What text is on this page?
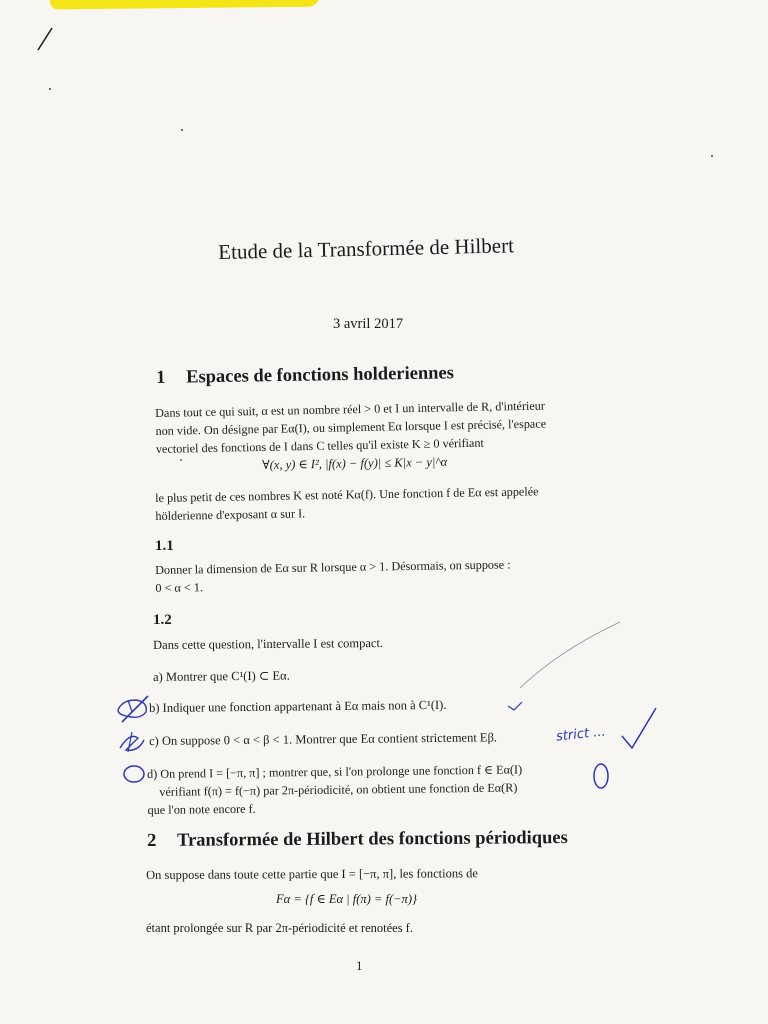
strict ...
Etude de la Transformée de Hilbert
3 avril 2017
1 Espaces de fonctions holderiennes
Dans tout ce qui suit, α est un nombre réel > 0 et I un intervalle de R, d'intérieur
non vide. On désigne par Eα(I), ou simplement Eα lorsque I est précisé, l'espace
vectoriel des fonctions de I dans C telles qu'il existe K ≥ 0 vérifiant
∀(x, y) ∈ I², |f(x) − f(y)| ≤ K|x − y|^α
le plus petit de ces nombres K est noté Kα(f). Une fonction f de Eα est appelée
hölderienne d'exposant α sur I.
1.1
Donner la dimension de Eα sur R lorsque α > 1. Désormais, on suppose :
0 < α < 1.
1.2
Dans cette question, l'intervalle I est compact.
a) Montrer que C¹(I) ⊂ Eα.
b) Indiquer une fonction appartenant à Eα mais non à C¹(I).
c) On suppose 0 < α < β < 1. Montrer que Eα contient strictement Eβ.
d) On prend I = [−π, π] ; montrer que, si l'on prolonge une fonction f ∈ Eα(I)
vérifiant f(π) = f(−π) par 2π-périodicité, on obtient une fonction de Eα(R)
que l'on note encore f.
2 Transformée de Hilbert des fonctions périodiques
On suppose dans toute cette partie que I = [−π, π], les fonctions de
Fα = {f ∈ Eα | f(π) = f(−π)}
étant prolongée sur R par 2π-périodicité et renotées f.
1
